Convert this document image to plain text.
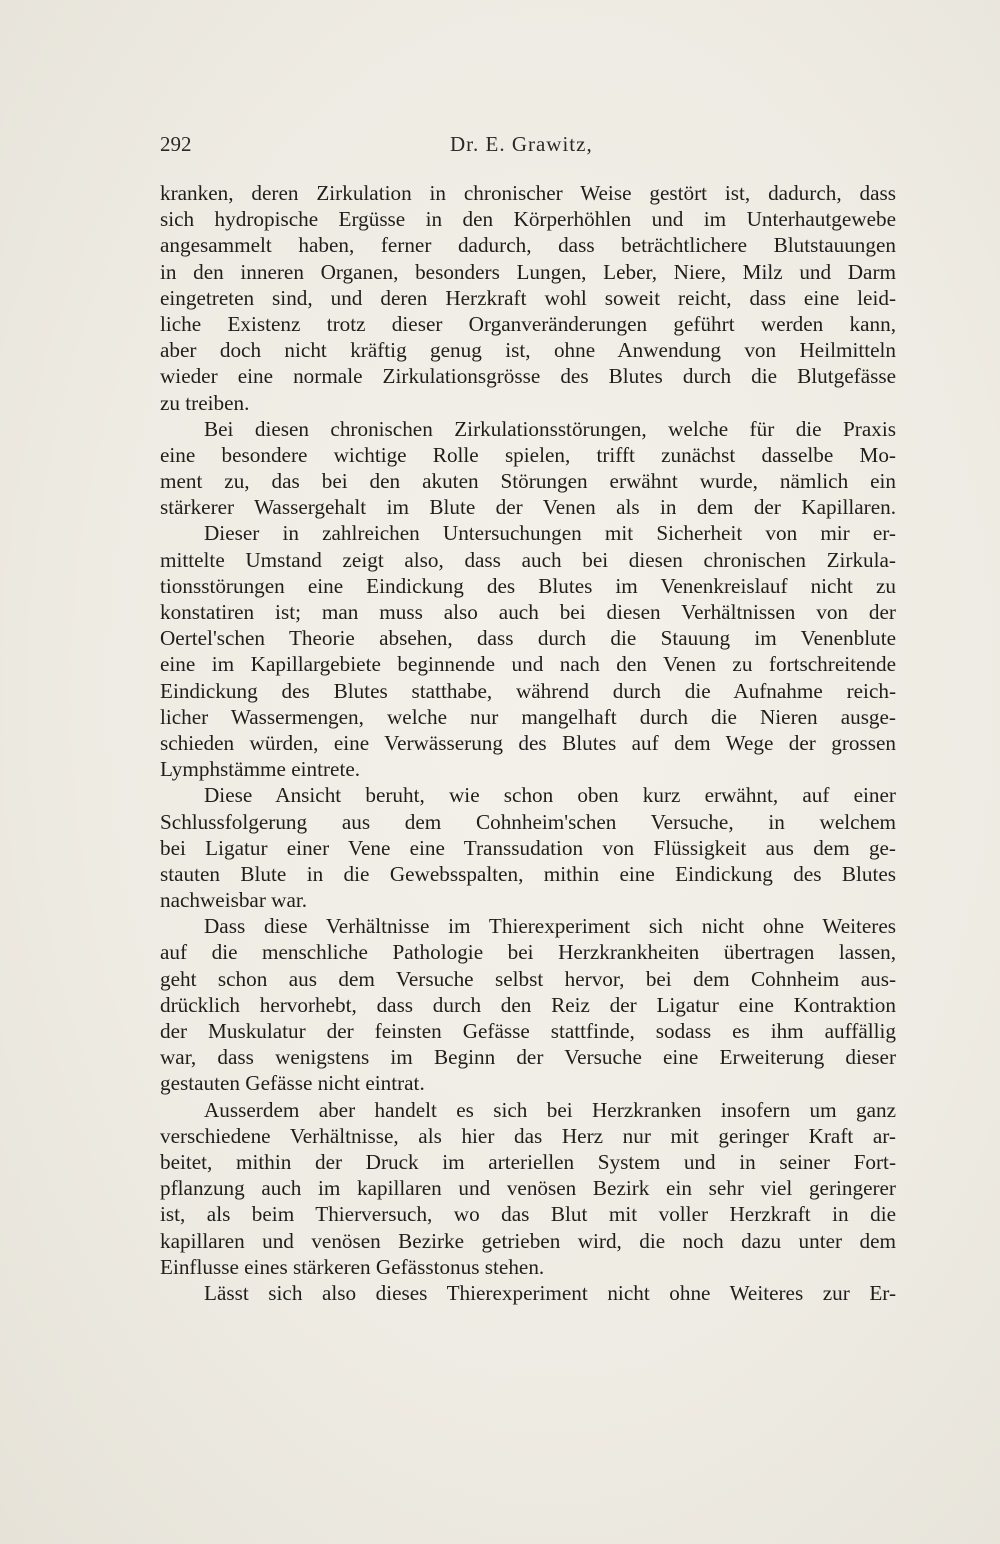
292	Dr. E. Grawitz,
kranken, deren Zirkulation in chronischer Weise gestört ist, dadurch, dass
sich hydropische Ergüsse in den Körperhöhlen und im Unterhautgewebe
angesammelt haben, ferner dadurch, dass beträchtlichere Blutstauungen
in den inneren Organen, besonders Lungen, Leber, Niere, Milz und Darm
eingetreten sind, und deren Herzkraft wohl soweit reicht, dass eine leid-
liche Existenz trotz dieser Organveränderungen geführt werden kann,
aber doch nicht kräftig genug ist, ohne Anwendung von Heilmitteln
wieder eine normale Zirkulationsgrösse des Blutes durch die Blutgefässe
zu treiben.
Bei diesen chronischen Zirkulationsstörungen, welche für die Praxis
eine besondere wichtige Rolle spielen, trifft zunächst dasselbe Mo-
ment zu, das bei den akuten Störungen erwähnt wurde, nämlich ein
stärkerer Wassergehalt im Blute der Venen als in dem der Kapillaren.
Dieser in zahlreichen Untersuchungen mit Sicherheit von mir er-
mittelte Umstand zeigt also, dass auch bei diesen chronischen Zirkula-
tionsstörungen eine Eindickung des Blutes im Venenkreislauf nicht zu
konstatiren ist; man muss also auch bei diesen Verhältnissen von der
Oertel'schen Theorie absehen, dass durch die Stauung im Venenblute
eine im Kapillargebiete beginnende und nach den Venen zu fortschreitende
Eindickung des Blutes statthabe, während durch die Aufnahme reich-
licher Wassermengen, welche nur mangelhaft durch die Nieren ausge-
schieden würden, eine Verwässerung des Blutes auf dem Wege der grossen
Lymphstämme eintrete.
Diese Ansicht beruht, wie schon oben kurz erwähnt, auf einer
Schlussfolgerung aus dem Cohnheim'schen Versuche, in welchem
bei Ligatur einer Vene eine Transsudation von Flüssigkeit aus dem ge-
stauten Blute in die Gewebsspalten, mithin eine Eindickung des Blutes
nachweisbar war.
Dass diese Verhältnisse im Thierexperiment sich nicht ohne Weiteres
auf die menschliche Pathologie bei Herzkrankheiten übertragen lassen,
geht schon aus dem Versuche selbst hervor, bei dem Cohnheim aus-
drücklich hervorhebt, dass durch den Reiz der Ligatur eine Kontraktion
der Muskulatur der feinsten Gefässe stattfinde, sodass es ihm auffällig
war, dass wenigstens im Beginn der Versuche eine Erweiterung dieser
gestauten Gefässe nicht eintrat.
Ausserdem aber handelt es sich bei Herzkranken insofern um ganz
verschiedene Verhältnisse, als hier das Herz nur mit geringer Kraft ar-
beitet, mithin der Druck im arteriellen System und in seiner Fort-
pflanzung auch im kapillaren und venösen Bezirk ein sehr viel geringerer
ist, als beim Thierversuch, wo das Blut mit voller Herzkraft in die
kapillaren und venösen Bezirke getrieben wird, die noch dazu unter dem
Einflusse eines stärkeren Gefässtonus stehen.
Lässt sich also dieses Thierexperiment nicht ohne Weiteres zur Er-
